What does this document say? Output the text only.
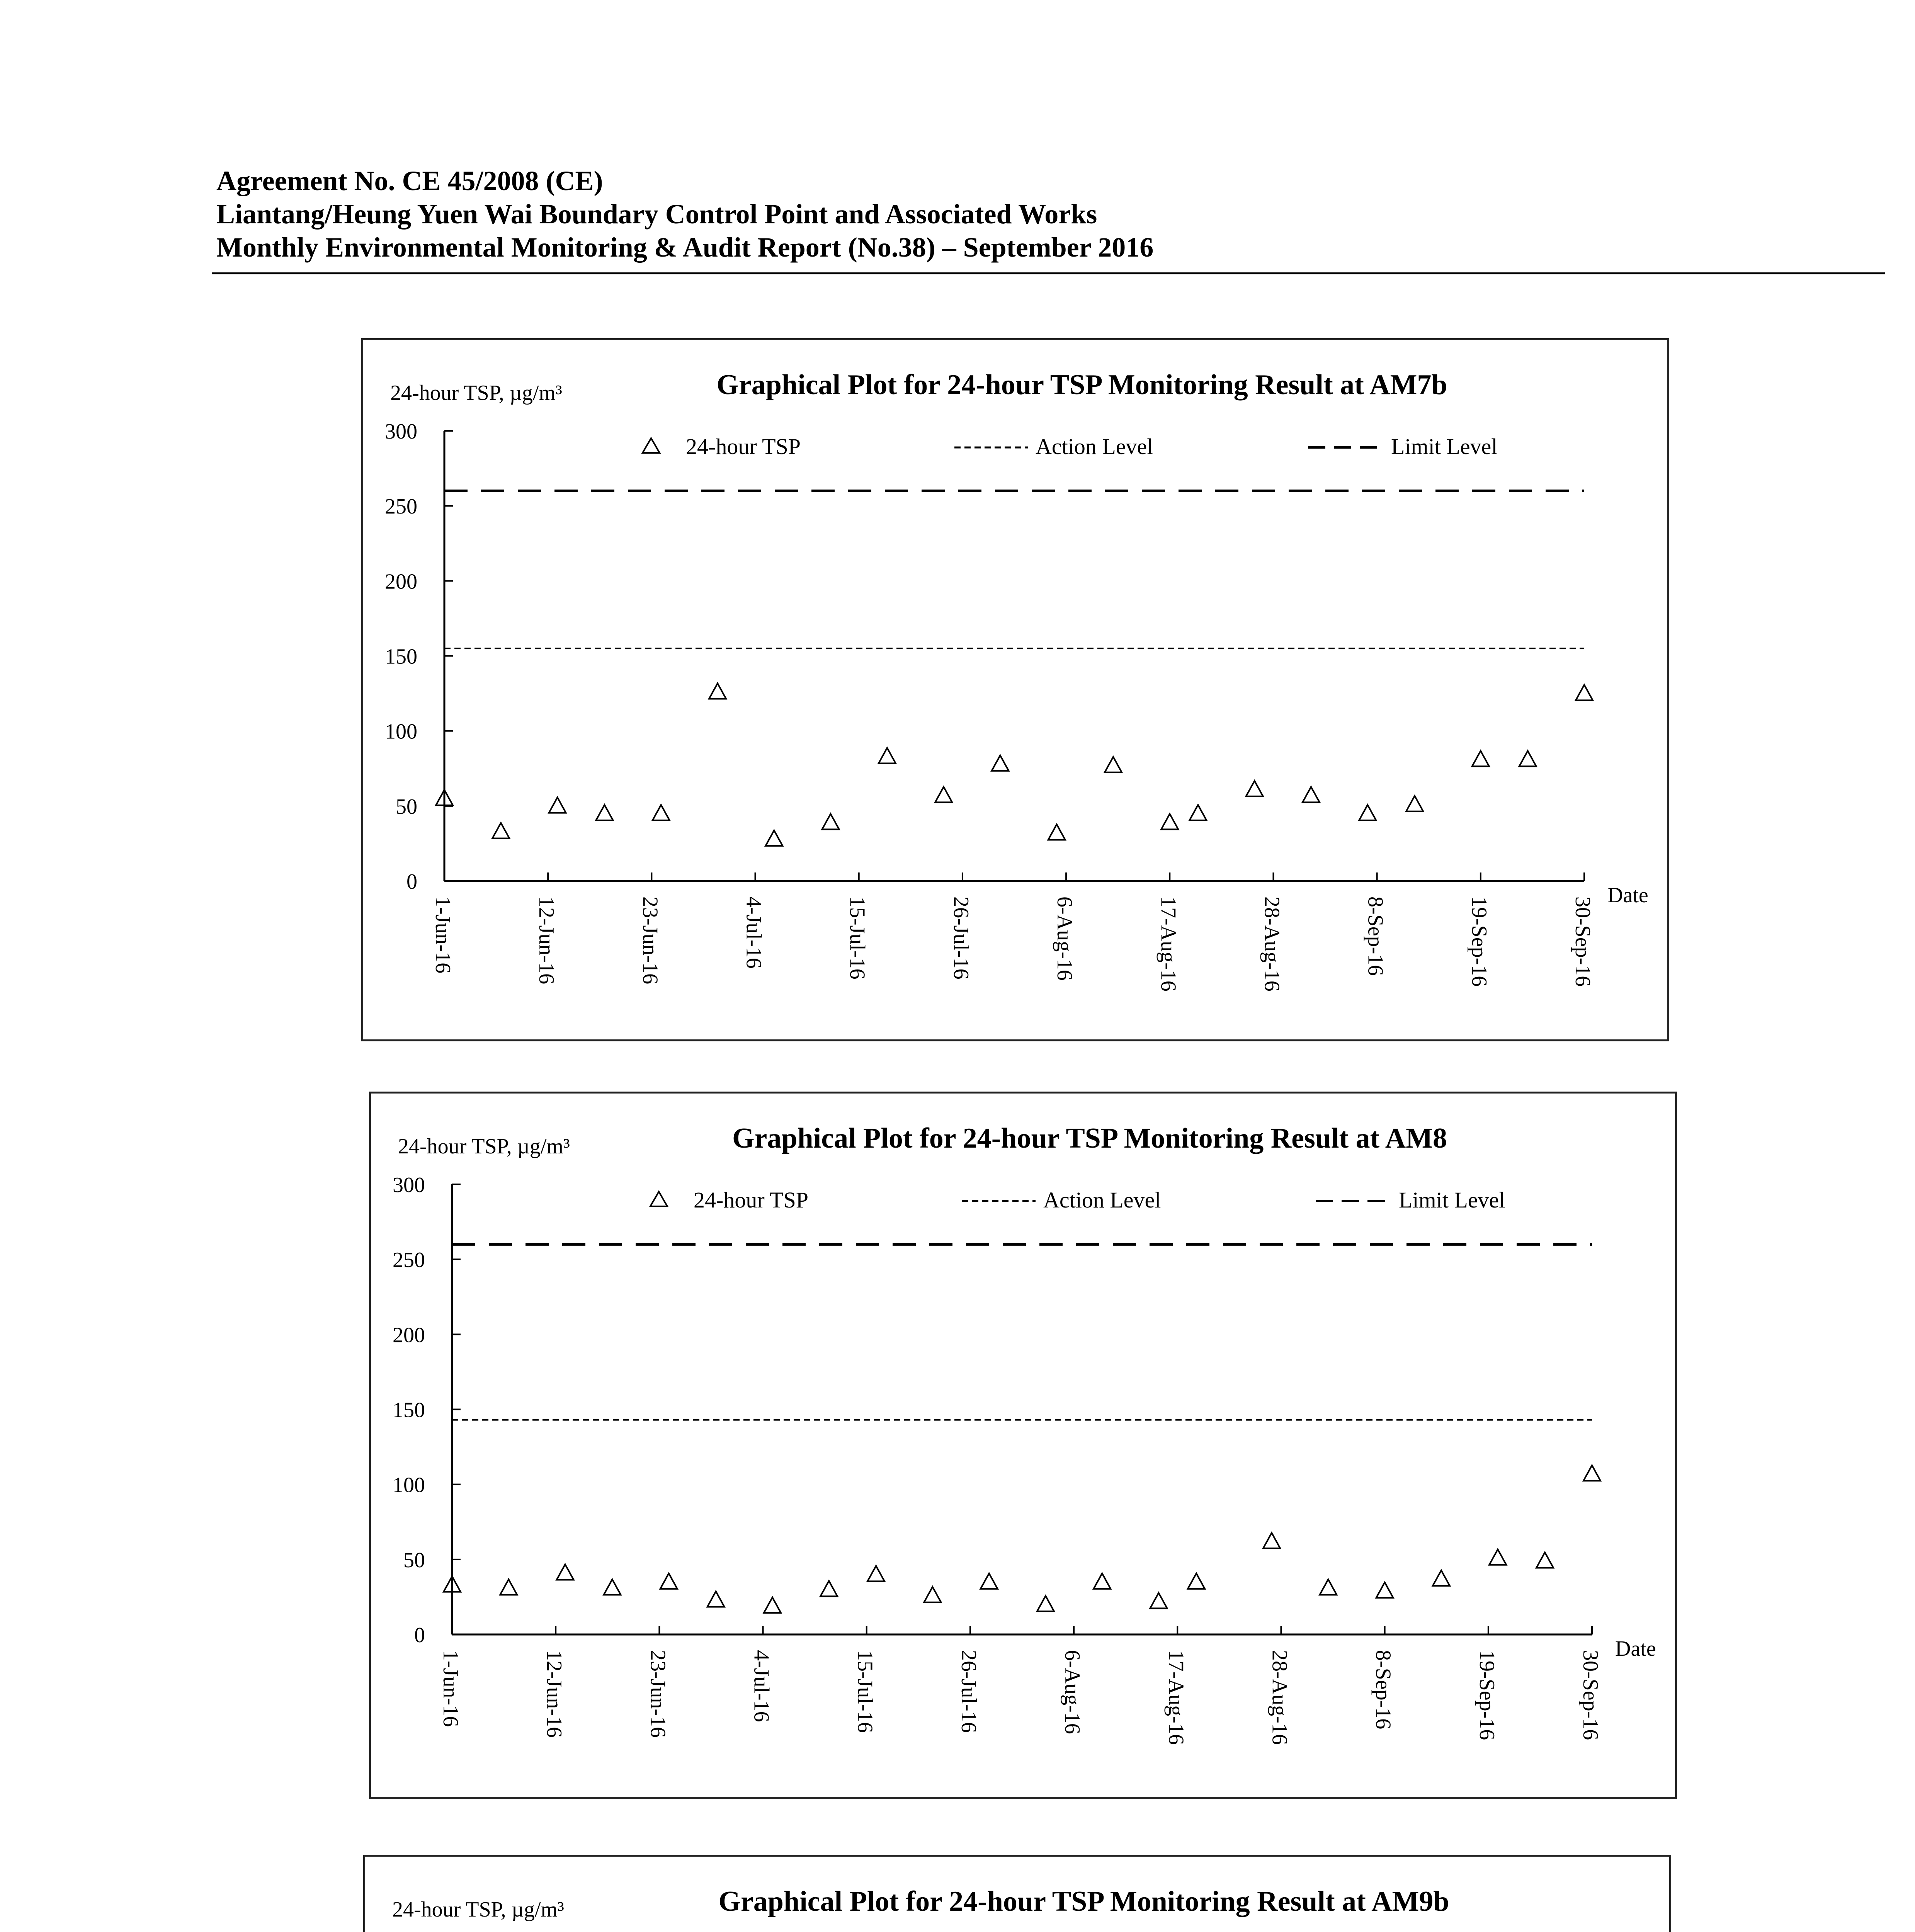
Agreement No. CE 45/2008 (CE)
Liantang/Heung Yuen Wai Boundary Control Point and Associated Works
Monthly Environmental Monitoring & Audit Report (No.38) – September 2016
Graphical Plot for 24-hour TSP Monitoring Result at AM7b
24-hour TSP, µg/m³
0
50
100
150
200
250
300
1-Jun-16	12-Jun-16	23-Jun-16	4-Jul-16	15-Jul-16	26-Jul-16	6-Aug-16	17-Aug-16	28-Aug-16	8-Sep-16	19-Sep-16	30-Sep-16
Date
24-hour TSP	Action Level	Limit Level
Graphical Plot for 24-hour TSP Monitoring Result at AM8
24-hour TSP, µg/m³
0
50
100
150
200
250
300
1-Jun-16	12-Jun-16	23-Jun-16	4-Jul-16	15-Jul-16	26-Jul-16	6-Aug-16	17-Aug-16	28-Aug-16	8-Sep-16	19-Sep-16	30-Sep-16
Date
24-hour TSP	Action Level	Limit Level
Graphical Plot for 24-hour TSP Monitoring Result at AM9b
24-hour TSP, µg/m³
